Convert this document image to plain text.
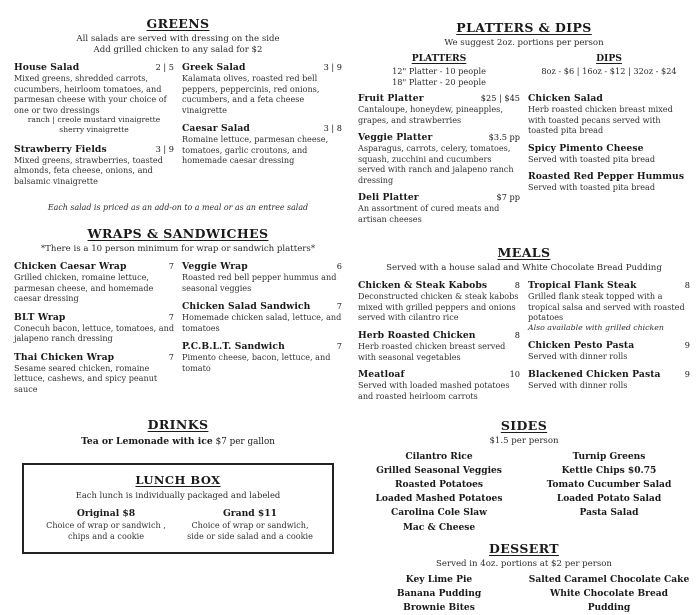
GREENS
All salads are served with dressing on the side
Add grilled chicken to any salad for $2
House Salad	2 | 5
Mixed greens, shredded carrots, cucumbers, heirloom tomatoes, and parmesan cheese with your choice of one or two dressings
ranch | creole mustard vinaigrette
sherry vinaigrette
Strawberry Fields	3 | 9
Mixed greens, strawberries, toasted almonds, feta cheese, onions, and balsamic vinaigrette
Greek Salad	3 | 9
Kalamata olives, roasted red bell peppers, peppercinis, red onions, cucumbers, and a feta cheese vinaigrette
Caesar Salad	3 | 8
Romaine lettuce, parmesan cheese, tomatoes, garlic croutons, and homemade caesar dressing
Each salad is priced as an add-on to a meal or as an entree salad
WRAPS & SANDWICHES
*There is a 10 person minimum for wrap or sandwich platters*
Chicken Caesar Wrap	7
Grilled chicken, romaine lettuce, parmesan cheese, and homemade caesar dressing
BLT Wrap	7
Conecuh bacon, lettuce, tomatoes, and jalapeno ranch dressing
Thai Chicken Wrap	7
Sesame seared chicken, romaine lettuce, cashews, and spicy peanut sauce
Veggie Wrap	6
Roasted red bell pepper hummus and seasonal veggies
Chicken Salad Sandwich	7
Homemade chicken salad, lettuce, and tomatoes
P.C.B.L.T. Sandwich	7
Pimento cheese, bacon, lettuce, and tomato
DRINKS
Tea or Lemonade with ice $7 per gallon
LUNCH BOX
Each lunch is individually packaged and labeled
Original $8
Choice of wrap or sandwich , chips and a cookie
Grand $11
Choice of wrap or sandwich, side or side salad and a cookie
PLATTERS & DIPS
We suggest 2oz. portions per person
PLATTERS
12" Platter - 10 people
18" Platter - 20 people
DIPS
8oz - $6 | 16oz - $12 | 32oz - $24
Fruit Platter	$25 | $45
Cantaloupe, honeydew, pineapples, grapes, and strawberries
Veggie Platter	$3.5 pp
Asparagus, carrots, celery, tomatoes, squash, zucchini and cucumbers served with ranch and jalapeno ranch dressing
Deli Platter	$7 pp
An assortment of cured meats and artisan cheeses
Chicken Salad
Herb roasted chicken breast mixed with toasted pecans served with toasted pita bread
Spicy Pimento Cheese
Served with toasted pita bread
Roasted Red Pepper Hummus
Served with toasted pita bread
MEALS
Served with a house salad and White Chocolate Bread Pudding
Chicken & Steak Kabobs	8
Deconstructed chicken & steak kabobs mixed with grilled peppers and onions served with cilantro rice
Herb Roasted Chicken	8
Herb roasted chicken breast served with seasonal vegetables
Meatloaf	10
Served with loaded mashed potatoes and roasted heirloom carrots
Tropical Flank Steak	8
Grilled flank steak topped with a tropical salsa and served with roasted potatoes
Also available with grilled chicken
Chicken Pesto Pasta	9
Served with dinner rolls
Blackened Chicken Pasta	9
Served with dinner rolls
SIDES
$1.5 per person
Cilantro Rice
Grilled Seasonal Veggies
Roasted Potatoes
Loaded Mashed Potatoes
Carolina Cole Slaw
Mac & Cheese
Turnip Greens
Kettle Chips $0.75
Tomato Cucumber Salad
Loaded Potato Salad
Pasta Salad
DESSERT
Served in 4oz. portions at $2 per person
Key Lime Pie
Banana Pudding
Brownie Bites
Salted Caramel Chocolate Cake
White Chocolate Bread Pudding
